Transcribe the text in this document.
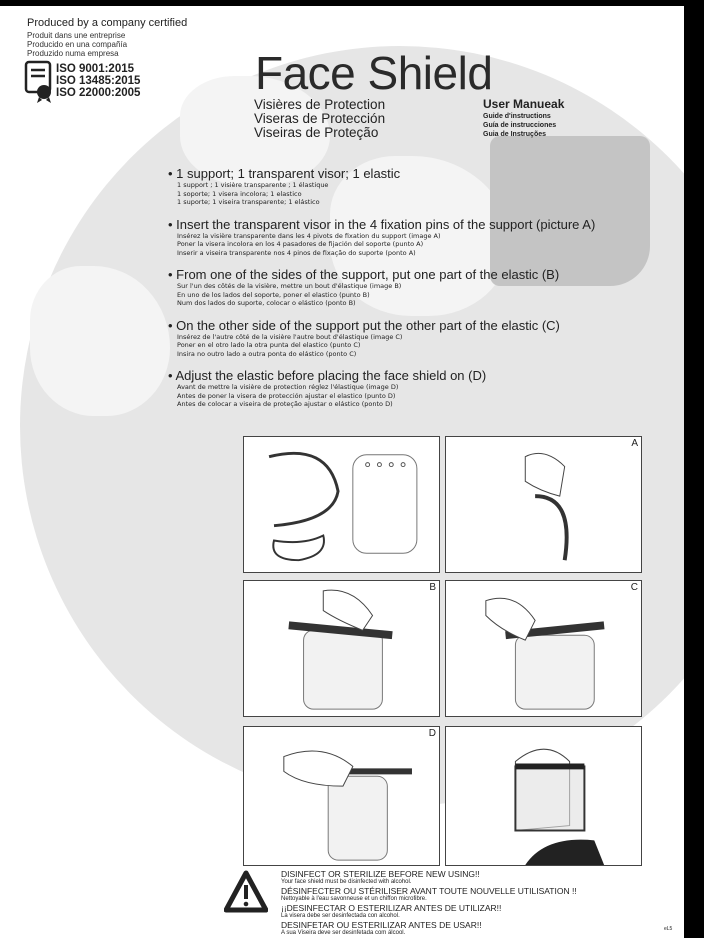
Produced by a company certified
Produit dans une entreprise
Producido en una compañía
Produzido numa empresa
ISO 9001:2015
ISO 13485:2015
ISO 22000:2005 Face Shield
Visières de Protection
Viseras de Protección
Viseiras de Proteção
User Manueak
Guide d'instructions
Guía de instrucciones
Guia de Instruções
• 1 support; 1 transparent visor; 1 elastic

1 support ; 1 visière transparente ; 1 élastique

1 soporte; 1 visera incolora; 1 elastico

1 suporte; 1 viseira transparente; 1 elástico

• Insert the transparent visor in the 4 fixation pins of the support (picture A)

Insérez la visière transparente dans les 4 pivots de fixation du support (image A)

Poner la visera incolora en los 4 pasadores de fijación del soporte (punto A)

Inserir a viseira transparente nos 4 pinos de fixação do suporte (ponto A)

• From one of the sides of the support, put one part of the elastic (B)

Sur l'un des côtés de la visière, mettre un bout d'élastique (image B)

En uno de los lados del soporte, poner el elastico (punto B)

Num dos lados do suporte, colocar o elástico (ponto B)

• On the other side of the support put the other part of the elastic (C)

Insérez de l'autre côté de la visière l'autre bout d'élastique (image C)

Poner en el otro lado la otra punta del elastico (punto C)

Insira no outro lado a outra ponta do elástico (ponto C)

• Adjust the elastic before placing the face shield on (D)

Avant de mettre la visière de protection réglez l'élastique (image D)

Antes de poner la visera de protección ajustar el elastico (punto D)

Antes de colocar a viseira de proteção ajustar o elástico (ponto D)

A
B	C
D
DISINFECT OR STERILIZE BEFORE NEW USING!!
Your face shield must be disinfected with alcohol.
DÉSINFECTER OU STÉRILISER AVANT TOUTE NOUVELLE UTILISATION !!
Nettoyable à l'eau savonneuse et un chiffon microfibre.
¡¡DESINFECTAR O ESTERILIZAR ANTES DE UTILIZAR!!
La visera debe ser desinfectada con alcohol.
DESINFETAR OU ESTERILIZAR ANTES DE USAR!!
A sua Viseira deve ser desinfetada com álcool.
eL5
